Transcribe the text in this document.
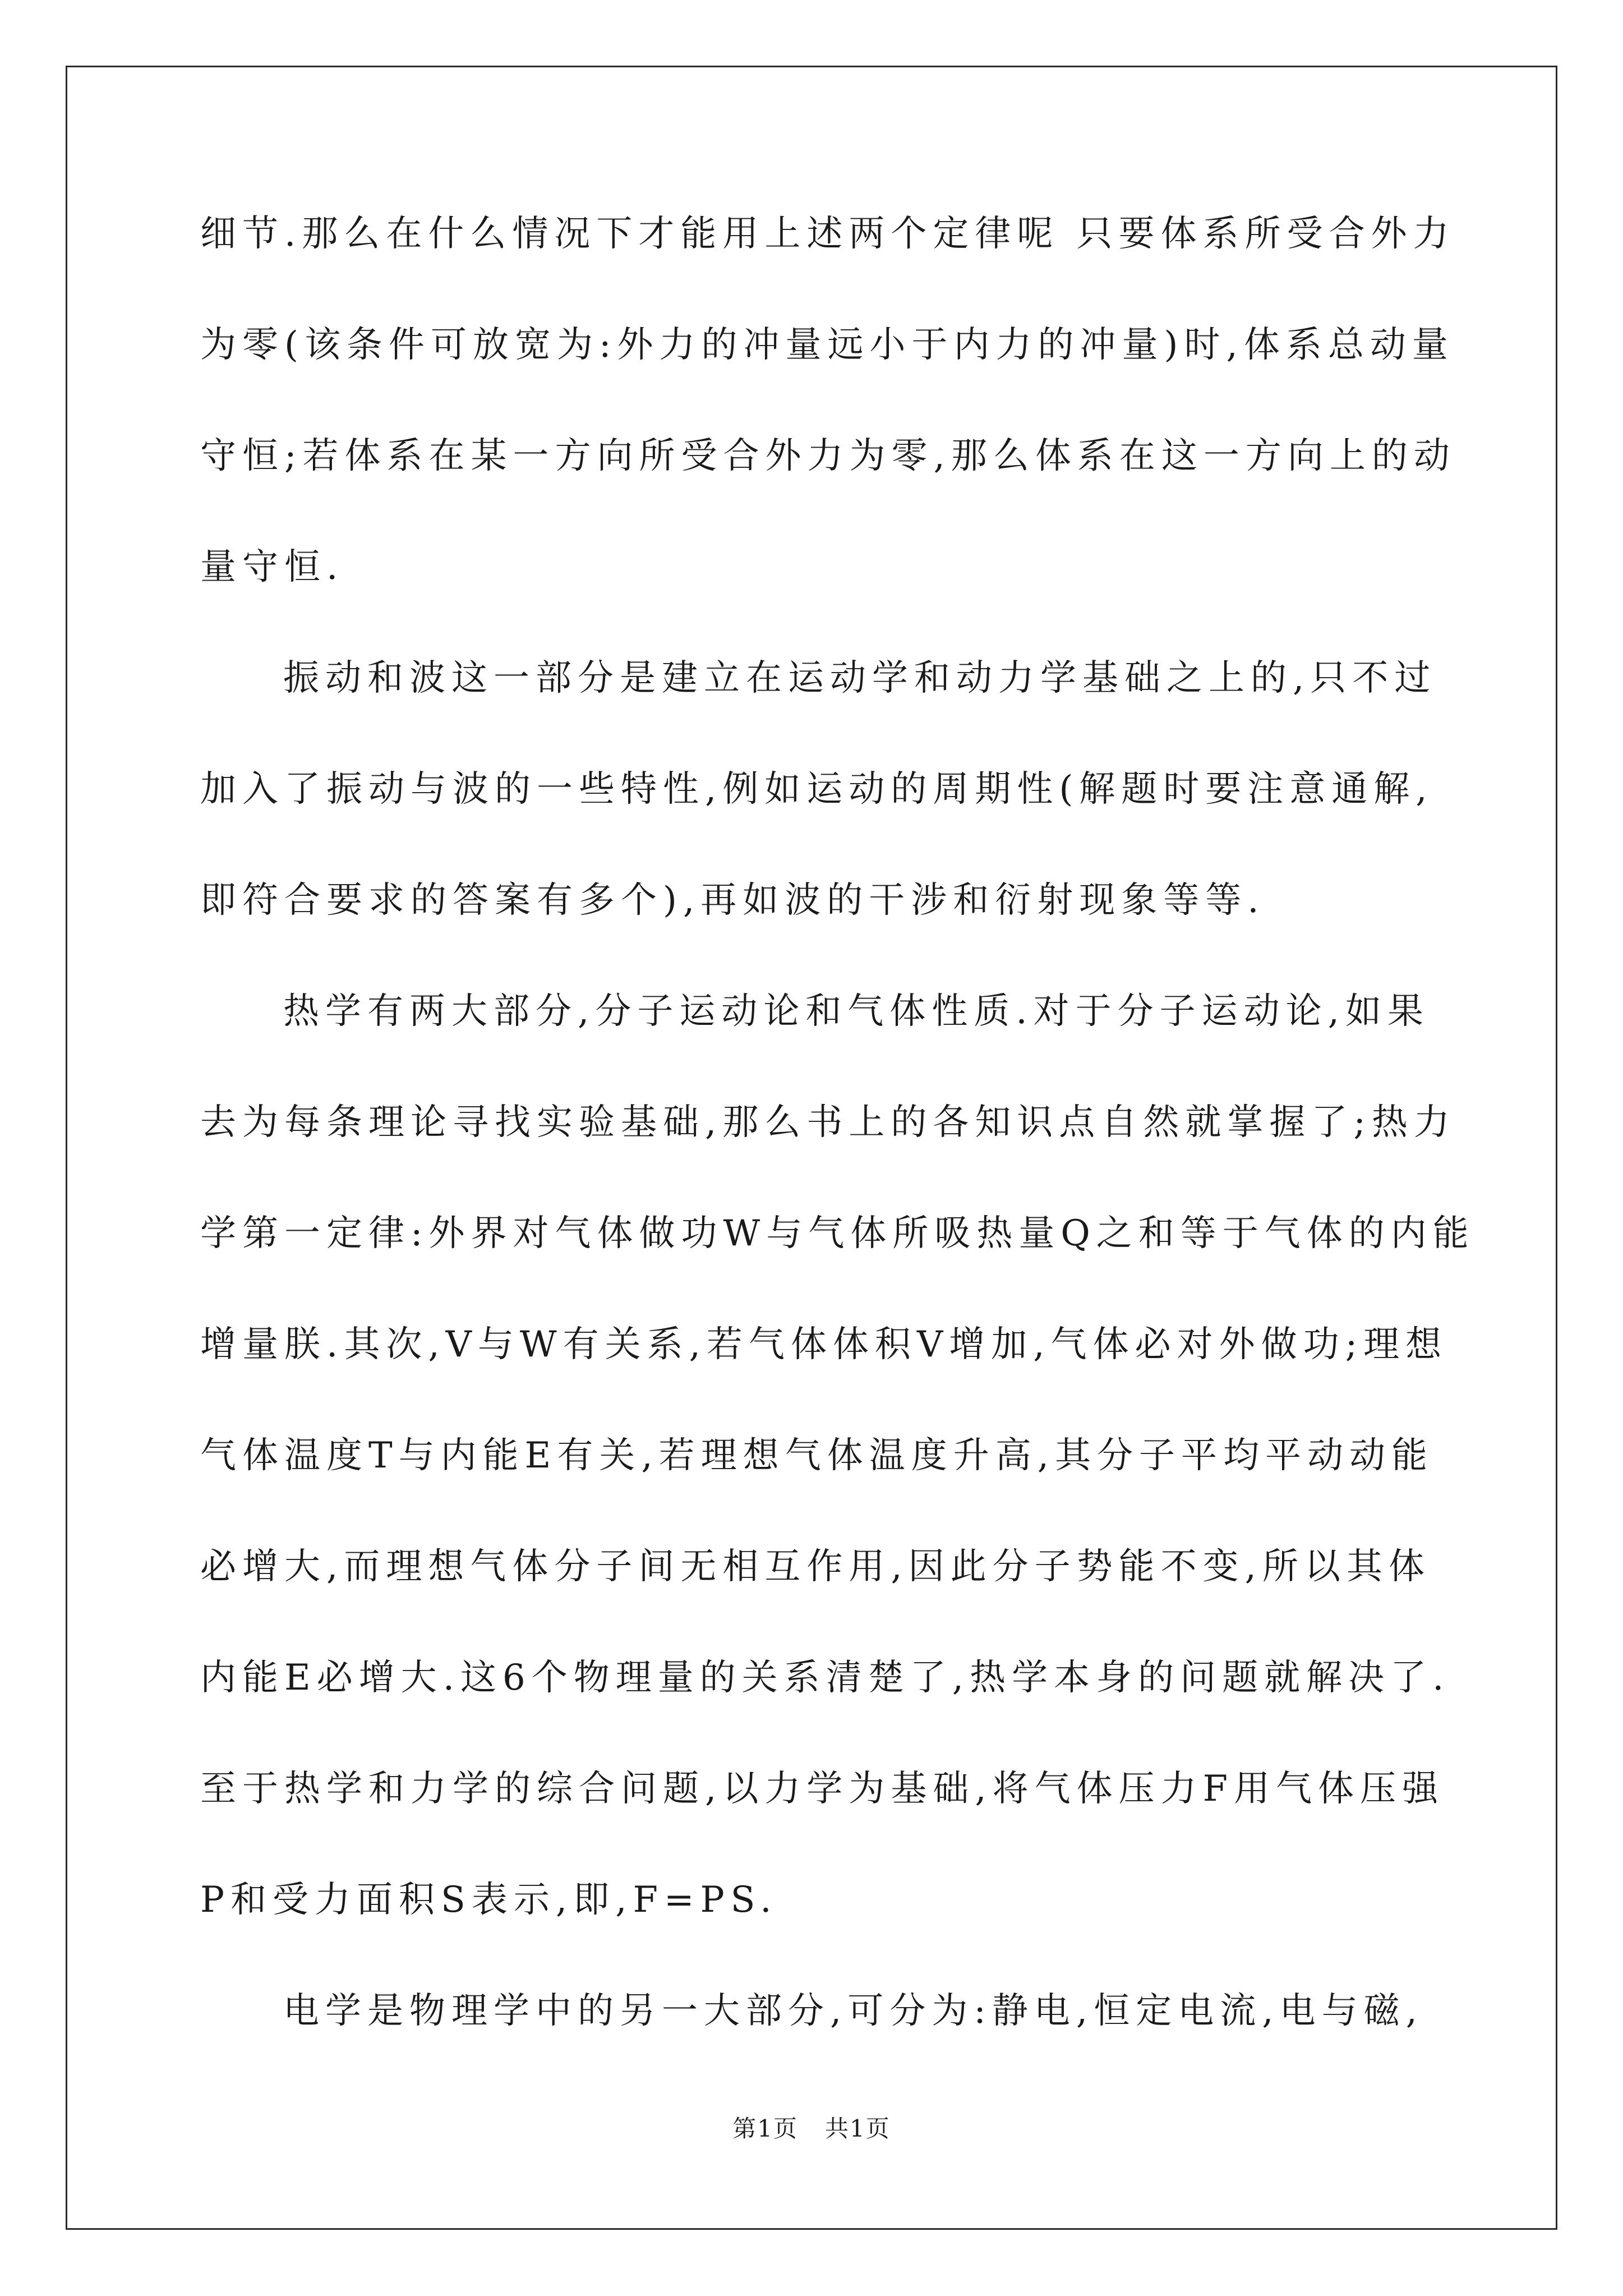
细节.那么在什么情况下才能用上述两个定律呢 只要体系所受合外力
为零(该条件可放宽为:外力的冲量远小于内力的冲量)时,体系总动量
守恒;若体系在某一方向所受合外力为零,那么体系在这一方向上的动
量守恒.
振动和波这一部分是建立在运动学和动力学基础之上的,只不过
加入了振动与波的一些特性,例如运动的周期性(解题时要注意通解,
即符合要求的答案有多个),再如波的干涉和衍射现象等等.
热学有两大部分,分子运动论和气体性质.对于分子运动论,如果
去为每条理论寻找实验基础,那么书上的各知识点自然就掌握了;热力
学第一定律:外界对气体做功W与气体所吸热量Q之和等于气体的内能
增量朕.其次,V与W有关系,若气体体积V增加,气体必对外做功;理想
气体温度T与内能E有关,若理想气体温度升高,其分子平均平动动能
必增大,而理想气体分子间无相互作用,因此分子势能不变,所以其体
内能E必增大.这6个物理量的关系清楚了,热学本身的问题就解决了.
至于热学和力学的综合问题,以力学为基础,将气体压力F用气体压强
P和受力面积S表示,即,F=PS.
电学是物理学中的另一大部分,可分为:静电,恒定电流,电与磁,
第1页 共1页
